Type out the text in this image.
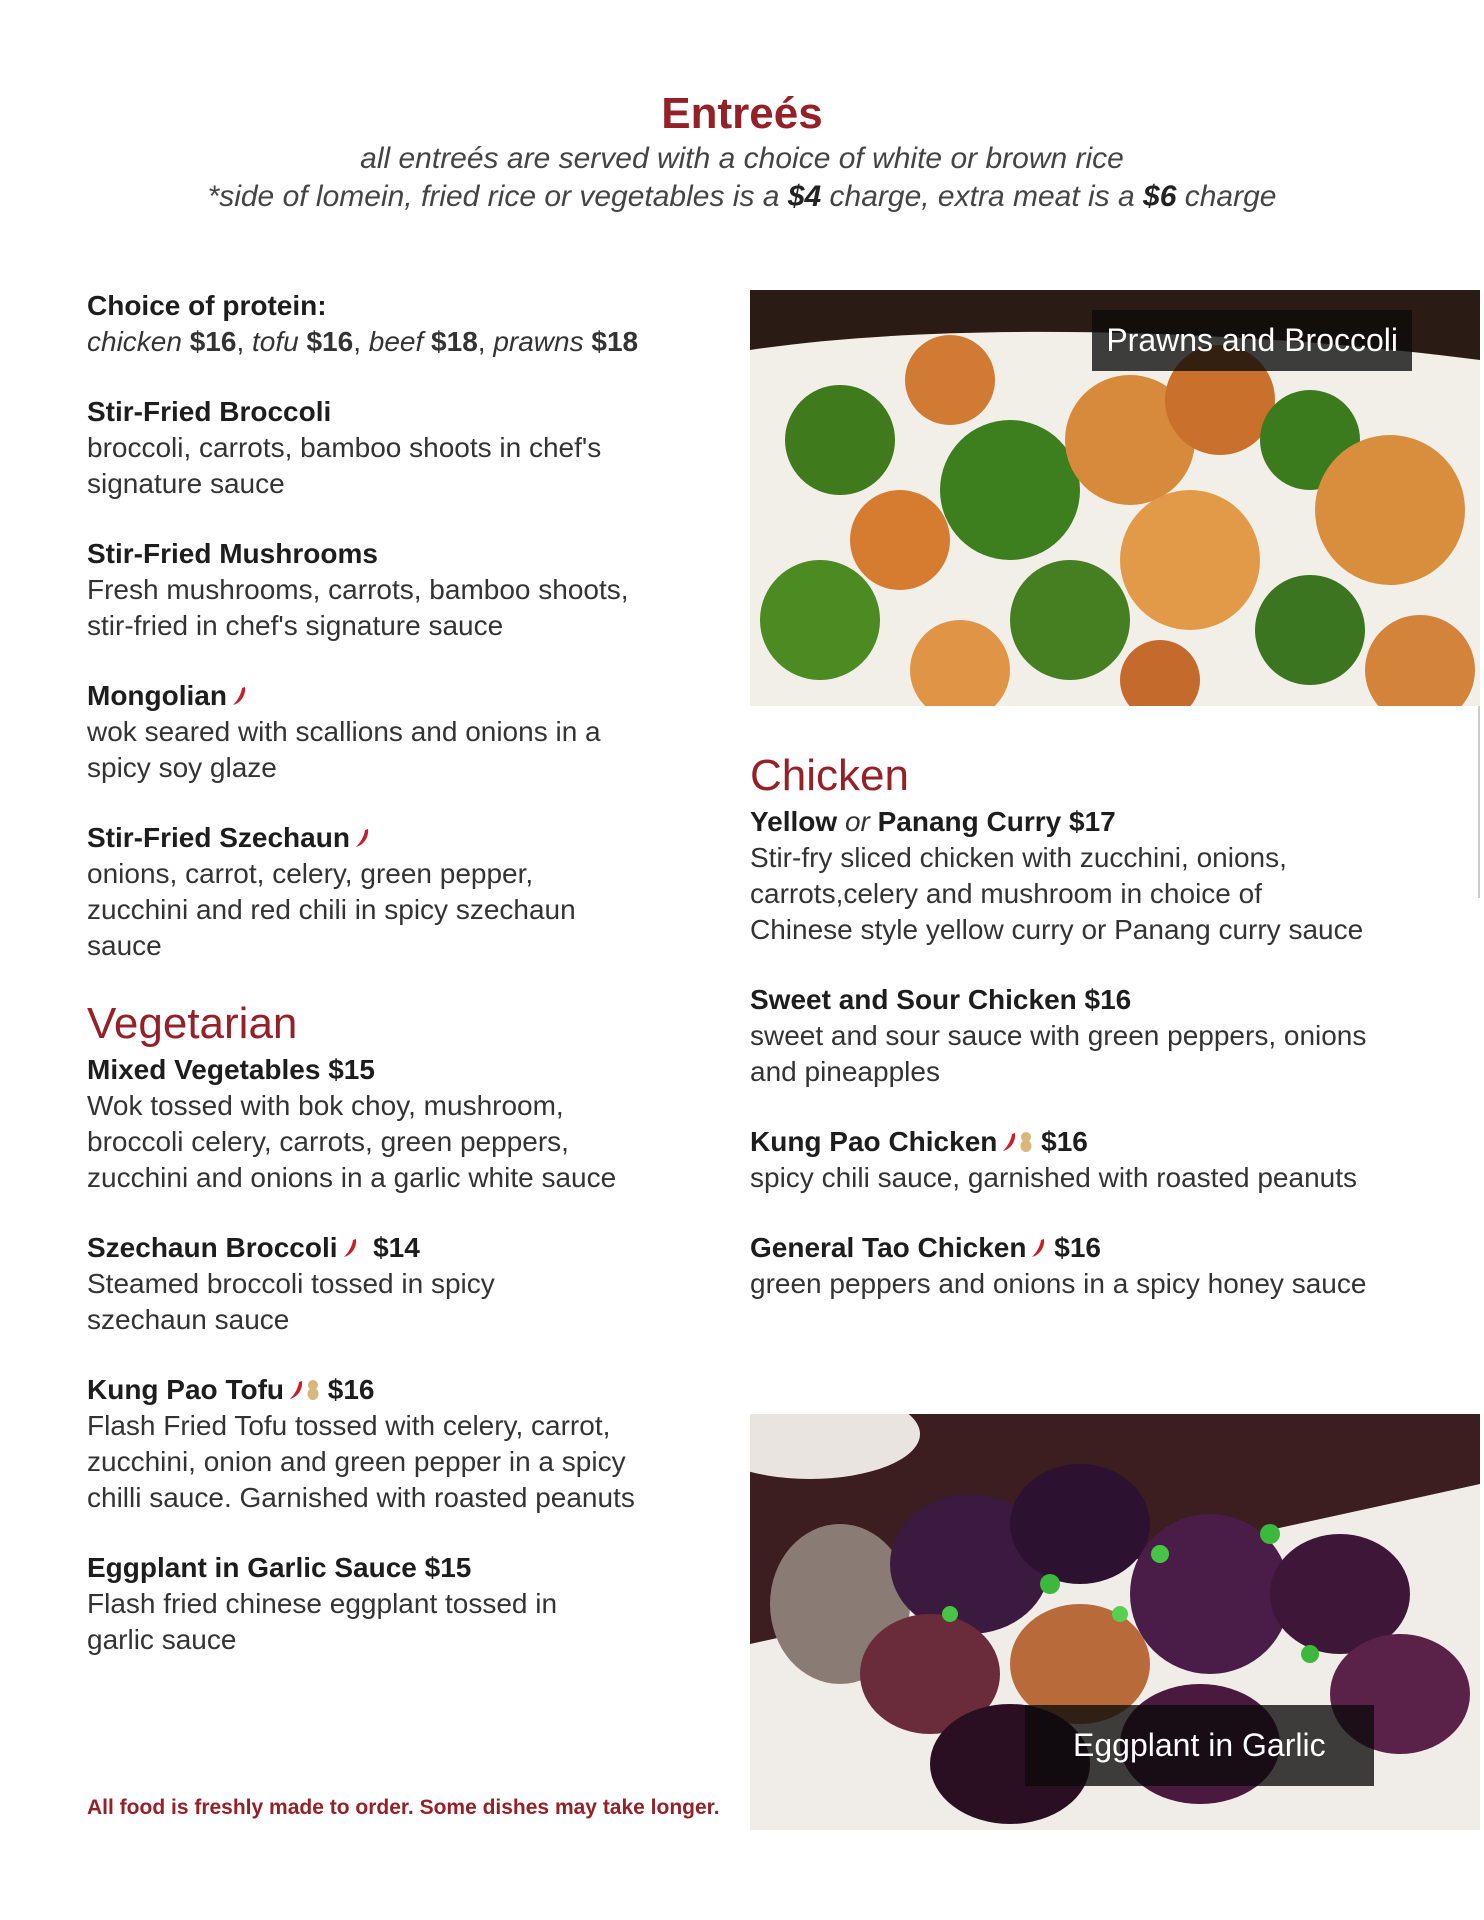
Entreés
all entreés are served with a choice of white or brown rice
*side of lomein, fried rice or vegetables is a $4 charge, extra meat is a $6 charge
Choice of protein:
chicken $16, tofu $16, beef $18, prawns $18
Stir-Fried Broccoli
broccoli, carrots, bamboo shoots in chef's
signature sauce
Stir-Fried Mushrooms
Fresh mushrooms, carrots, bamboo shoots,
stir-fried in chef's signature sauce
Mongolian
wok seared with scallions and onions in a
spicy soy glaze
Stir-Fried Szechaun
onions, carrot, celery, green pepper,
zucchini and red chili in spicy szechaun
sauce
Vegetarian
Mixed Vegetables $15
Wok tossed with bok choy, mushroom,
broccoli celery, carrots, green peppers,
zucchini and onions in a garlic white sauce
Szechaun Broccoli $14
Steamed broccoli tossed in spicy
szechaun sauce
Kung Pao Tofu $16
Flash Fried Tofu tossed with celery, carrot,
zucchini, onion and green pepper in a spicy
chilli sauce. Garnished with roasted peanuts
Eggplant in Garlic Sauce $15
Flash fried chinese eggplant tossed in
garlic sauce
Prawns and Broccoli
Chicken
Yellow or Panang Curry $17
Stir-fry sliced chicken with zucchini, onions,
carrots,celery and mushroom in choice of
Chinese style yellow curry or Panang curry sauce
Sweet and Sour Chicken $16
sweet and sour sauce with green peppers, onions
and pineapples
Kung Pao Chicken $16
spicy chili sauce, garnished with roasted peanuts
General Tao Chicken $16
green peppers and onions in a spicy honey sauce
Eggplant in Garlic
All food is freshly made to order. Some dishes may take longer.
